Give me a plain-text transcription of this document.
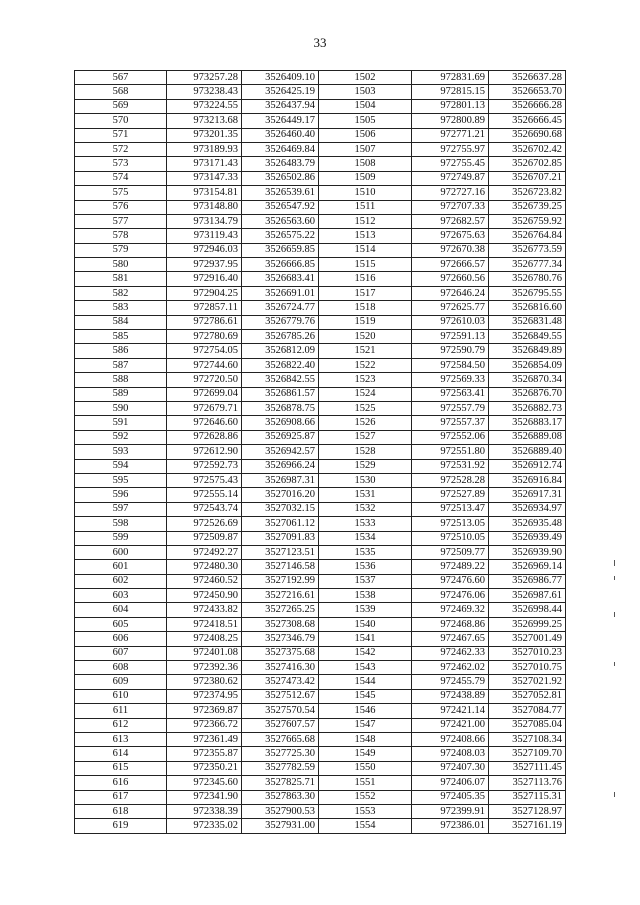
33
567	973257.28	3526409.10	1502	972831.69	3526637.28
568	973238.43	3526425.19	1503	972815.15	3526653.70
569	973224.55	3526437.94	1504	972801.13	3526666.28
570	973213.68	3526449.17	1505	972800.89	3526666.45
571	973201.35	3526460.40	1506	972771.21	3526690.68
572	973189.93	3526469.84	1507	972755.97	3526702.42
573	973171.43	3526483.79	1508	972755.45	3526702.85
574	973147.33	3526502.86	1509	972749.87	3526707.21
575	973154.81	3526539.61	1510	972727.16	3526723.82
576	973148.80	3526547.92	1511	972707.33	3526739.25
577	973134.79	3526563.60	1512	972682.57	3526759.92
578	973119.43	3526575.22	1513	972675.63	3526764.84
579	972946.03	3526659.85	1514	972670.38	3526773.59
580	972937.95	3526666.85	1515	972666.57	3526777.34
581	972916.40	3526683.41	1516	972660.56	3526780.76
582	972904.25	3526691.01	1517	972646.24	3526795.55
583	972857.11	3526724.77	1518	972625.77	3526816.60
584	972786.61	3526779.76	1519	972610.03	3526831.48
585	972780.69	3526785.26	1520	972591.13	3526849.55
586	972754.05	3526812.09	1521	972590.79	3526849.89
587	972744.60	3526822.40	1522	972584.50	3526854.09
588	972720.50	3526842.55	1523	972569.33	3526870.34
589	972699.04	3526861.57	1524	972563.41	3526876.70
590	972679.71	3526878.75	1525	972557.79	3526882.73
591	972646.60	3526908.66	1526	972557.37	3526883.17
592	972628.86	3526925.87	1527	972552.06	3526889.08
593	972612.90	3526942.57	1528	972551.80	3526889.40
594	972592.73	3526966.24	1529	972531.92	3526912.74
595	972575.43	3526987.31	1530	972528.28	3526916.84
596	972555.14	3527016.20	1531	972527.89	3526917.31
597	972543.74	3527032.15	1532	972513.47	3526934.97
598	972526.69	3527061.12	1533	972513.05	3526935.48
599	972509.87	3527091.83	1534	972510.05	3526939.49
600	972492.27	3527123.51	1535	972509.77	3526939.90
601	972480.30	3527146.58	1536	972489.22	3526969.14
602	972460.52	3527192.99	1537	972476.60	3526986.77
603	972450.90	3527216.61	1538	972476.06	3526987.61
604	972433.82	3527265.25	1539	972469.32	3526998.44
605	972418.51	3527308.68	1540	972468.86	3526999.25
606	972408.25	3527346.79	1541	972467.65	3527001.49
607	972401.08	3527375.68	1542	972462.33	3527010.23
608	972392.36	3527416.30	1543	972462.02	3527010.75
609	972380.62	3527473.42	1544	972455.79	3527021.92
610	972374.95	3527512.67	1545	972438.89	3527052.81
611	972369.87	3527570.54	1546	972421.14	3527084.77
612	972366.72	3527607.57	1547	972421.00	3527085.04
613	972361.49	3527665.68	1548	972408.66	3527108.34
614	972355.87	3527725.30	1549	972408.03	3527109.70
615	972350.21	3527782.59	1550	972407.30	3527111.45
616	972345.60	3527825.71	1551	972406.07	3527113.76
617	972341.90	3527863.30	1552	972405.35	3527115.31
618	972338.39	3527900.53	1553	972399.91	3527128.97
619	972335.02	3527931.00	1554	972386.01	3527161.19
